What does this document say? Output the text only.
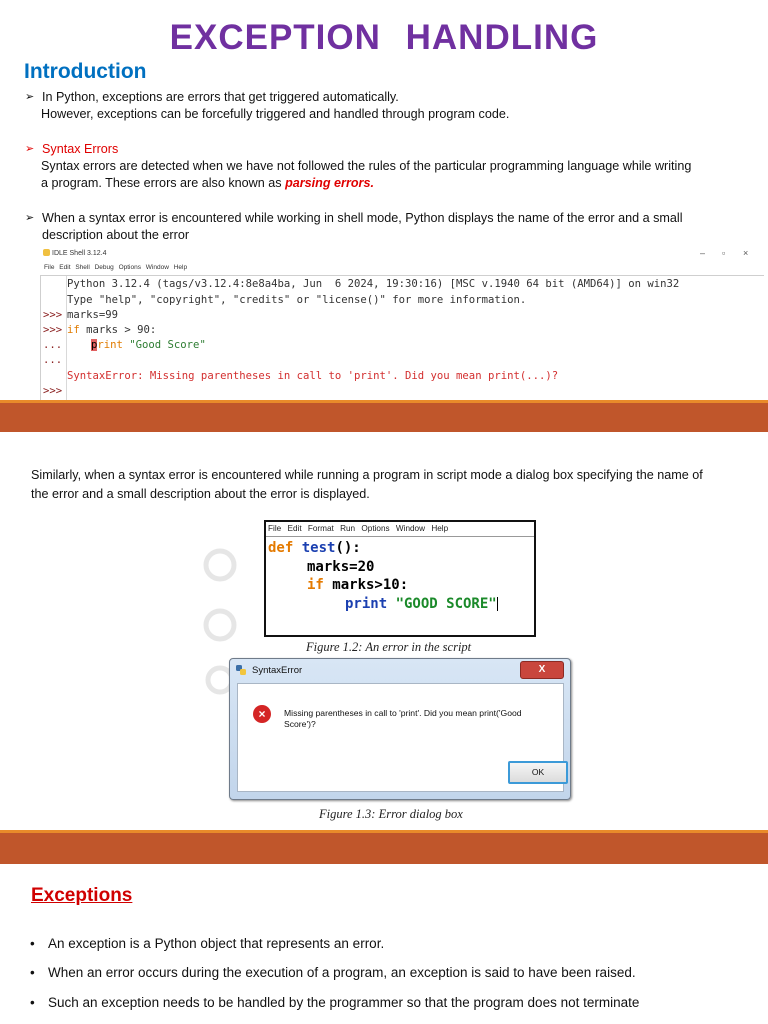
EXCEPTION HANDLING
Introduction
➢ In Python, exceptions are errors that get triggered automatically.
However, exceptions can be forcefully triggered and handled through program code.
➢ Syntax Errors
Syntax errors are detected when we have not followed the rules of the particular programming language while writing
a program. These errors are also known as parsing errors.
➢ When a syntax error is encountered while working in shell mode, Python displays the name of the error and a small
description about the error
IDLE Shell 3.12.4	– ▫ ×
File Edit Shell Debug Options Window Help
Python 3.12.4 (tags/v3.12.4:8e8a4ba, Jun  6 2024, 19:30:16) [MSC v.1940 64 bit (AMD64)] on win32
Type "help", "copyright", "credits" or "license()" for more information.
>>> marks=99
>>> if marks > 90:
...	print "Good Score"
...
SyntaxError: Missing parentheses in call to 'print'. Did you mean print(...)?
>>>
Similarly, when a syntax error is encountered while running a program in script mode a dialog box specifying the name of
the error and a small description about the error is displayed.
File Edit Format Run Options Window Help
def test():
marks=20
if marks>10:
print "GOOD SCORE"
Figure 1.2: An error in the script
SyntaxError	X
×	Missing parentheses in call to 'print'. Did you mean print('Good Score')?
OK
Figure 1.3: Error dialog box
Exceptions
• An exception is a Python object that represents an error.
• When an error occurs during the execution of a program, an exception is said to have been raised.
• Such an exception needs to be handled by the programmer so that the program does not terminate
